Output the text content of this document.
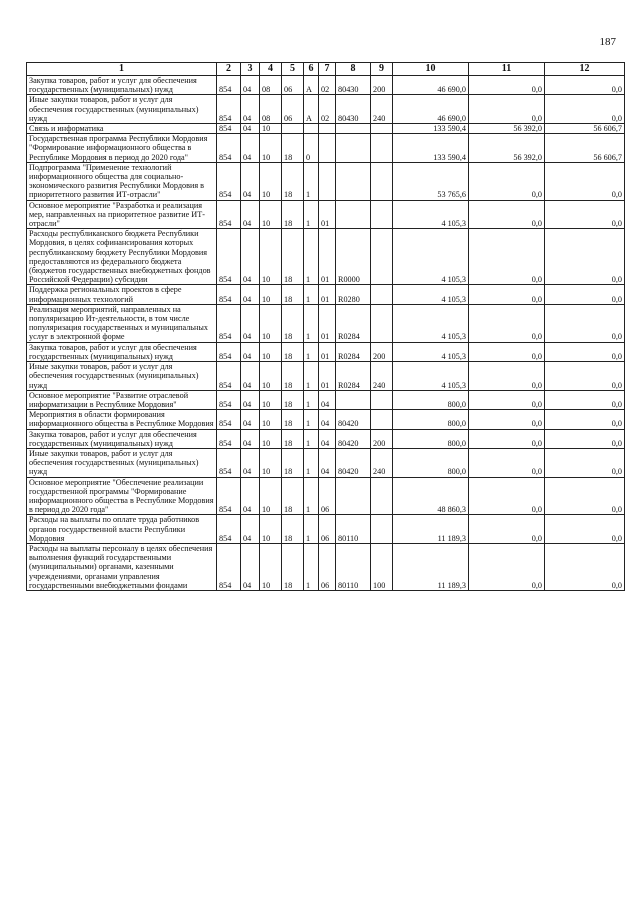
187
1	2	3	4	5	6	7	8	9	10	11	12
Закупка товаров, работ и услуг для обеспечения государственных (муниципальных) нужд	854	04	08	06	А	02	80430	200	46 690,0	0,0	0,0
Иные закупки товаров, работ и услуг для обеспечения государственных (муниципальных) нужд	854	04	08	06	А	02	80430	240	46 690,0	0,0	0,0
Связь и информатика	854	04	10						133 590,4	56 392,0	56 606,7
Государственная программа Республики Мордовия "Формирование информационного общества в Республике Мордовия в период до 2020 года"	854	04	10	18	0				133 590,4	56 392,0	56 606,7
Подпрограмма "Применение технологий информационного общества для социально-экономического развития Республики Мордовия в приоритетного развития ИТ-отрасли"	854	04	10	18	1				53 765,6	0,0	0,0
Основное мероприятие "Разработка и реализация мер, направленных на приоритетное развитие ИТ-отрасли"	854	04	10	18	1	01			4 105,3	0,0	0,0
Расходы республиканского бюджета Республики Мордовия, в целях софинансирования которых республиканскому бюджету Республики Мордовия предоставляются из федерального бюджета (бюджетов государственных внебюджетных фондов Российской Федерации) субсидии	854	04	10	18	1	01	R0000		4 105,3	0,0	0,0
Поддержка региональных проектов в сфере информационных технологий	854	04	10	18	1	01	R0280		4 105,3	0,0	0,0
Реализация мероприятий, направленных на популяризацию Ит-деятельности, в том числе популяризация государственных и муниципальных услуг в электронной форме	854	04	10	18	1	01	R0284		4 105,3	0,0	0,0
Закупка товаров, работ и услуг для обеспечения государственных (муниципальных) нужд	854	04	10	18	1	01	R0284	200	4 105,3	0,0	0,0
Иные закупки товаров, работ и услуг для обеспечения государственных (муниципальных) нужд	854	04	10	18	1	01	R0284	240	4 105,3	0,0	0,0
Основное мероприятие "Развитие отраслевой информатизации в Республике Мордовия"	854	04	10	18	1	04			800,0	0,0	0,0
Мероприятия в области формирования информационного общества в Республике Мордовия	854	04	10	18	1	04	80420		800,0	0,0	0,0
Закупка товаров, работ и услуг для обеспечения государственных (муниципальных) нужд	854	04	10	18	1	04	80420	200	800,0	0,0	0,0
Иные закупки товаров, работ и услуг для обеспечения государственных (муниципальных) нужд	854	04	10	18	1	04	80420	240	800,0	0,0	0,0
Основное мероприятие "Обеспечение реализации государственной программы "Формирование информационного общества в Республике Мордовия в период до 2020 года"	854	04	10	18	1	06			48 860,3	0,0	0,0
Расходы на выплаты по оплате труда работников органов государственной власти Республики Мордовия	854	04	10	18	1	06	80110		11 189,3	0,0	0,0
Расходы на выплаты персоналу в целях обеспечения выполнения функций государственными (муниципальными) органами, казенными учреждениями, органами управления государственными внебюджетными фондами	854	04	10	18	1	06	80110	100	11 189,3	0,0	0,0
